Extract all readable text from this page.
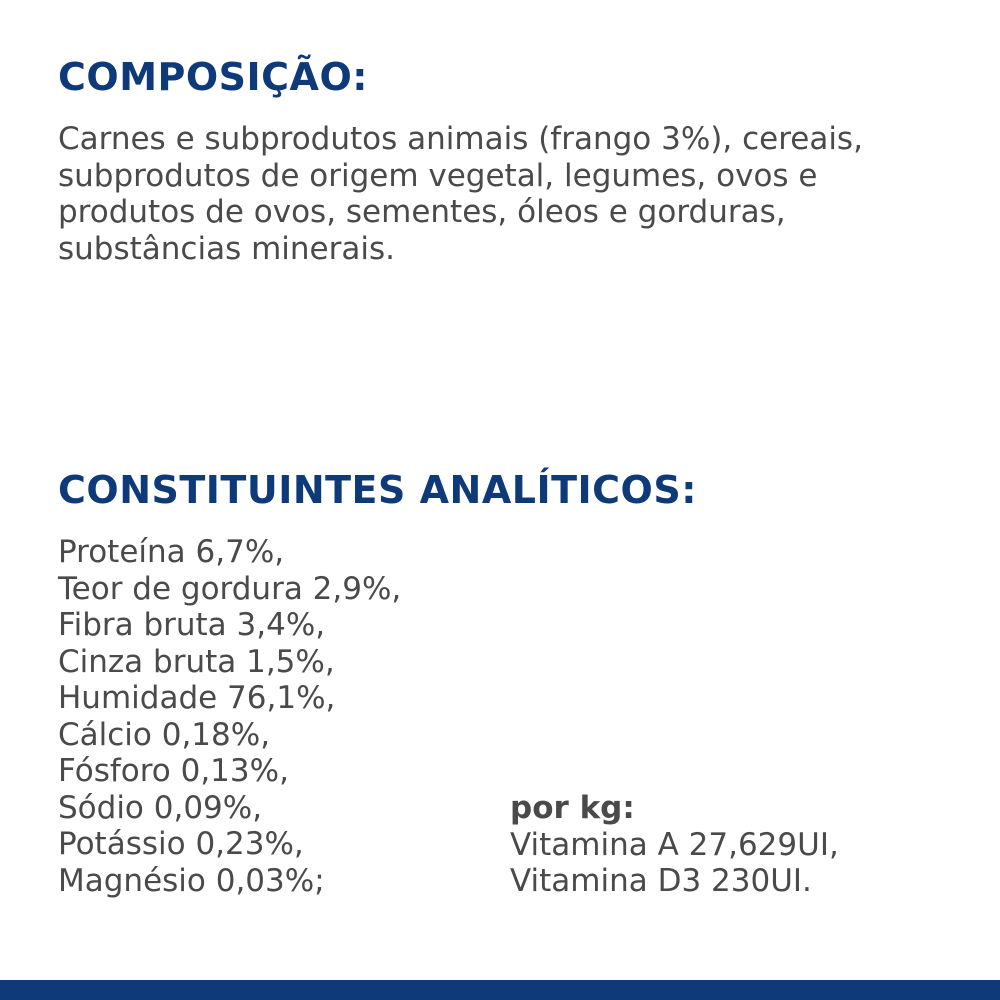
COMPOSIÇÃO:

Carnes e subprodutos animais (frango 3%), cereais,
subprodutos de origem vegetal, legumes, ovos e
produtos de ovos, sementes, óleos e gorduras,
substâncias minerais.

CONSTITUINTES ANALÍTICOS:
Proteína 6,7%,
Teor de gordura 2,9%,
Fibra bruta 3,4%,
Cinza bruta 1,5%,
Humidade 76,1%,
Cálcio 0,18%,
Fósforo 0,13%,
Sódio 0,09%,
Potássio 0,23%,
Magnésio 0,03%;
por kg:
Vitamina A 27,629UI,
Vitamina D3 230UI.
